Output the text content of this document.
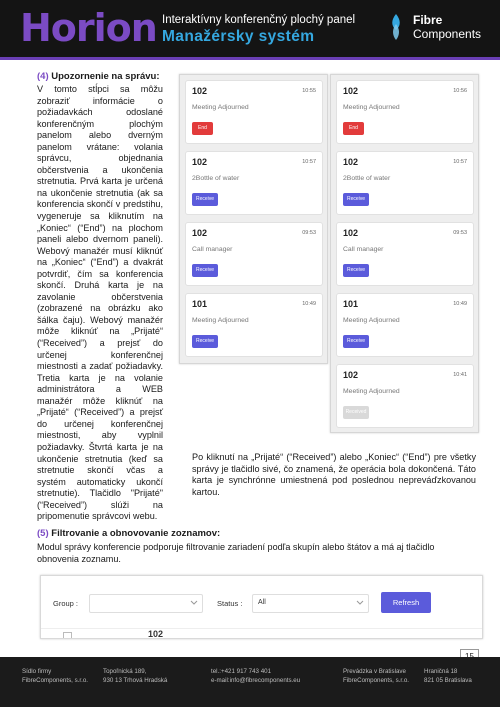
Horion Interaktívny konferenčný plochý panel
Manažérsky systém
Fibre
Components
(4) Upozornenie na správu:

V tomto stĺpci sa môžu zobraziť informácie o požiadavkách odoslané konferenčným plochým panelom alebo dverným panelom vrátane: volania správcu, objednania občerstvenia a ukončenia stretnutia. Prvá karta je určená na ukončenie stretnutia (ak sa konferencia skončí v predstihu, vygeneruje sa kliknutím na „Koniec“ (“End”) na plochom paneli alebo dvernom paneli). Webový manažér musí kliknúť na „Koniec“ (“End”) a dvakrát potvrdiť, čím sa konferencia skončí. Druhá karta je na zavolanie občerstvenia (zobrazené na obrázku ako šálka čaju). Webový manažér môže kliknúť na „Prijaté“ (“Received”) a prejsť do určenej konferenčnej miestnosti a zadať požiadavky. Tretia karta je na volanie administrátora a WEB manažér môže kliknúť na „Prijaté“ (“Received”) a prejsť do určenej konferenčnej miestnosti, aby vyplnil požiadavky. Štvrtá karta je na ukončenie stretnutia (keď sa stretnutie skončí včas a systém automaticky ukončí stretnutie). Tlačidlo "Prijaté" (“Received”) slúži na pripomenutie správcovi webu.

102	10:55
Meeting Adjourned
End
102	10:57
2Bottle of water
Receive
102	09:53
Call manager
Receive
101	10:49
Meeting Adjourned
Receive
102	10:56
Meeting Adjourned
End
102	10:57
2Bottle of water
Receive
102	09:53
Call manager
Receive
101	10:49
Meeting Adjourned
Receive
102	10:41
Meeting Adjourned
Received

Po kliknutí na „Prijaté“ (“Received”) alebo „Koniec“ (“End”) pre všetky správy je tlačidlo sivé, čo znamená, že operácia bola dokončená. Táto karta je synchrónne umiestnená pod poslednou nepreváďzkovanou kartou.

(5) Filtrovanie a obnovovanie zoznamov:

Modul správy konferencie podporuje filtrovanie zariadení podľa skupín alebo štátov a má aj tlačidlo obnovenia zoznamu.

Group :	Status : All	Refresh
102
Sídlo firmy
FibreComponents, s.r.o.
Topoľnická 189,
930 13 Trhová Hradská
tel.:+421 917 743 401
e-mail:info@fibrecomponents.eu
Prevádzka v Bratislave
FibreComponents, s.r.o.
Hraničná 18
821 05 Bratislava
